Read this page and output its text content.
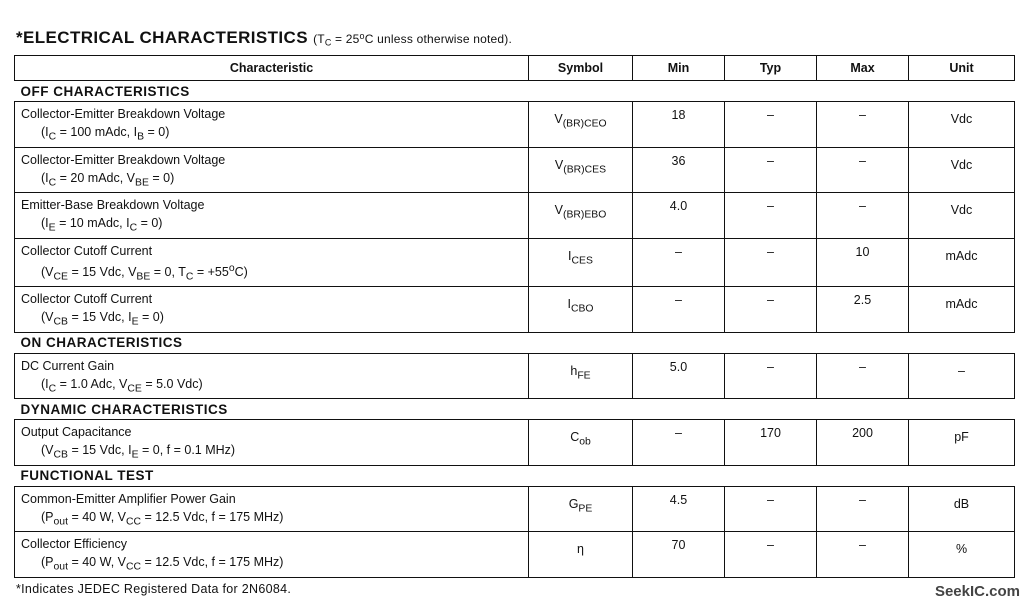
*ELECTRICAL CHARACTERISTICS ($T_C = 25^oC$ unless otherwise noted).
Characteristic	Symbol	Min	Typ	Max	Unit
OFF CHARACTERISTICS					

Collector-Emitter Breakdown Voltage
($I_C = 100$ mAdc, $I_B = 0$)	$V_{(BR)CEO}$	18	–	–	Vdc

Collector-Emitter Breakdown Voltage
($I_C = 20$ mAdc, $V_{BE} = 0$)	$V_{(BR)CES}$	36	–	–	Vdc

Emitter-Base Breakdown Voltage
($I_E = 10$ mAdc, $I_C = 0$)	$V_{(BR)EBO}$	4.0	–	–	Vdc

Collector Cutoff Current
($V_{CE} = 15$ Vdc, $V_{BE} = 0$, $T_C = +55^oC$)	$I_{CES}$	–	–	10	mAdc

Collector Cutoff Current
($V_{CB} = 15$ Vdc, $I_E = 0$)	$I_{CBO}$	–	–	2.5	mAdc

ON CHARACTERISTICS					

DC Current Gain
($I_C = 1.0$ Adc, $V_{CE} = 5.0$ Vdc)	$h_{FE}$	5.0	–	–	–

DYNAMIC CHARACTERISTICS					

Output Capacitance
($V_{CB} = 15$ Vdc, $I_E = 0$, f = 0.1 MHz)	$C_{ob}$	–	170	200	pF

FUNCTIONAL TEST					

Common-Emitter Amplifier Power Gain
($P_{out} = 40$ W, $V_{CC} = 12.5$ Vdc, f = 175 MHz)	$G_{PE}$	4.5	–	–	dB

Collector Efficiency
($P_{out} = 40$ W, $V_{CC} = 12.5$ Vdc, f = 175 MHz)	η	70	–	–	%
*Indicates JEDEC Registered Data for 2N6084.	SeekIC.com
